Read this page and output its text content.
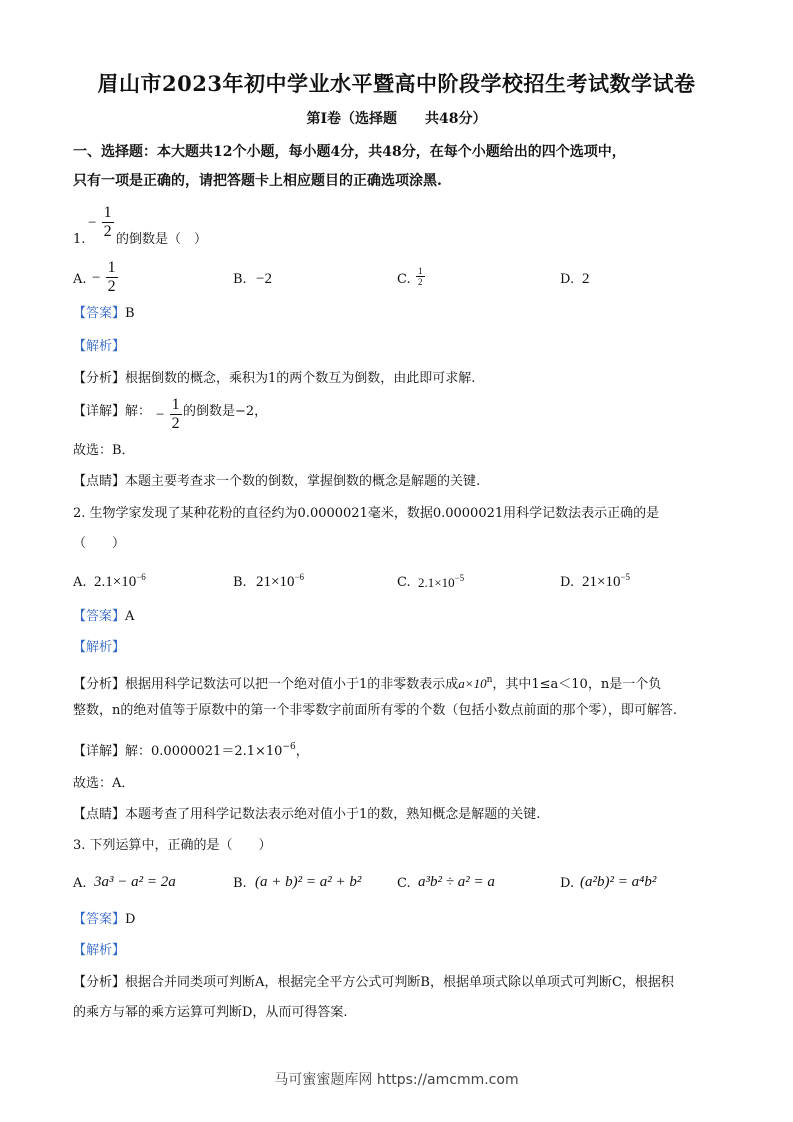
眉山市2023年初中学业水平暨高中阶段学校招生考试数学试卷
第Ⅰ卷（选择题　　共48分）
一、选择题：本大题共12个小题，每小题4分，共48分，在每个小题给出的四个选项中，
只有一项是正确的，请把答题卡上相应题目的正确选项涂黑.
− $\frac{1}{2}$
1. 的倒数是（　）
A. − $\frac{1}{2}$	B. −2	C. $\frac{1}{2}$	D. 2
【答案】B
【解析】
【分析】根据倒数的概念，乘积为1的两个数互为倒数，由此即可求解.
【详解】解： − $\frac{1}{2}$ 的倒数是−2，
故选：B．
【点睛】本题主要考查求一个数的倒数，掌握倒数的概念是解题的关键.
2. 生物学家发现了某种花粉的直径约为0.0000021毫米，数据0.0000021用科学记数法表示正确的是
（　　）
A. $2.1\times 10^{-6}$	B. $21\times 10^{-6}$	C. $2.1\times 10^{-5}$	D. $21\times 10^{-5}$
【答案】A
【解析】
【分析】根据用科学记数法可以把一个绝对值小于1的非零数表示成$a\times 10^n$，其中1≤a＜10，n是一个负
整数，n的绝对值等于原数中的第一个非零数字前面所有零的个数（包括小数点前面的那个零），即可解答.
【详解】解：$0.0000021=2.1\times 10^{-6}$，
故选：A．
【点睛】本题考查了用科学记数法表示绝对值小于1的数，熟知概念是解题的关键.
3. 下列运算中，正确的是（　　）
A. 3a³ − a² = 2a	B. (a + b)² = a² + b²	C. a³b² ÷ a² = a	D. (a²b)² = a⁴b²
【答案】D
【解析】
【分析】根据合并同类项可判断A，根据完全平方公式可判断B，根据单项式除以单项式可判断C，根据积
的乘方与幂的乘方运算可判断D，从而可得答案.
马可蜜蜜题库网 https://amcmm.com
